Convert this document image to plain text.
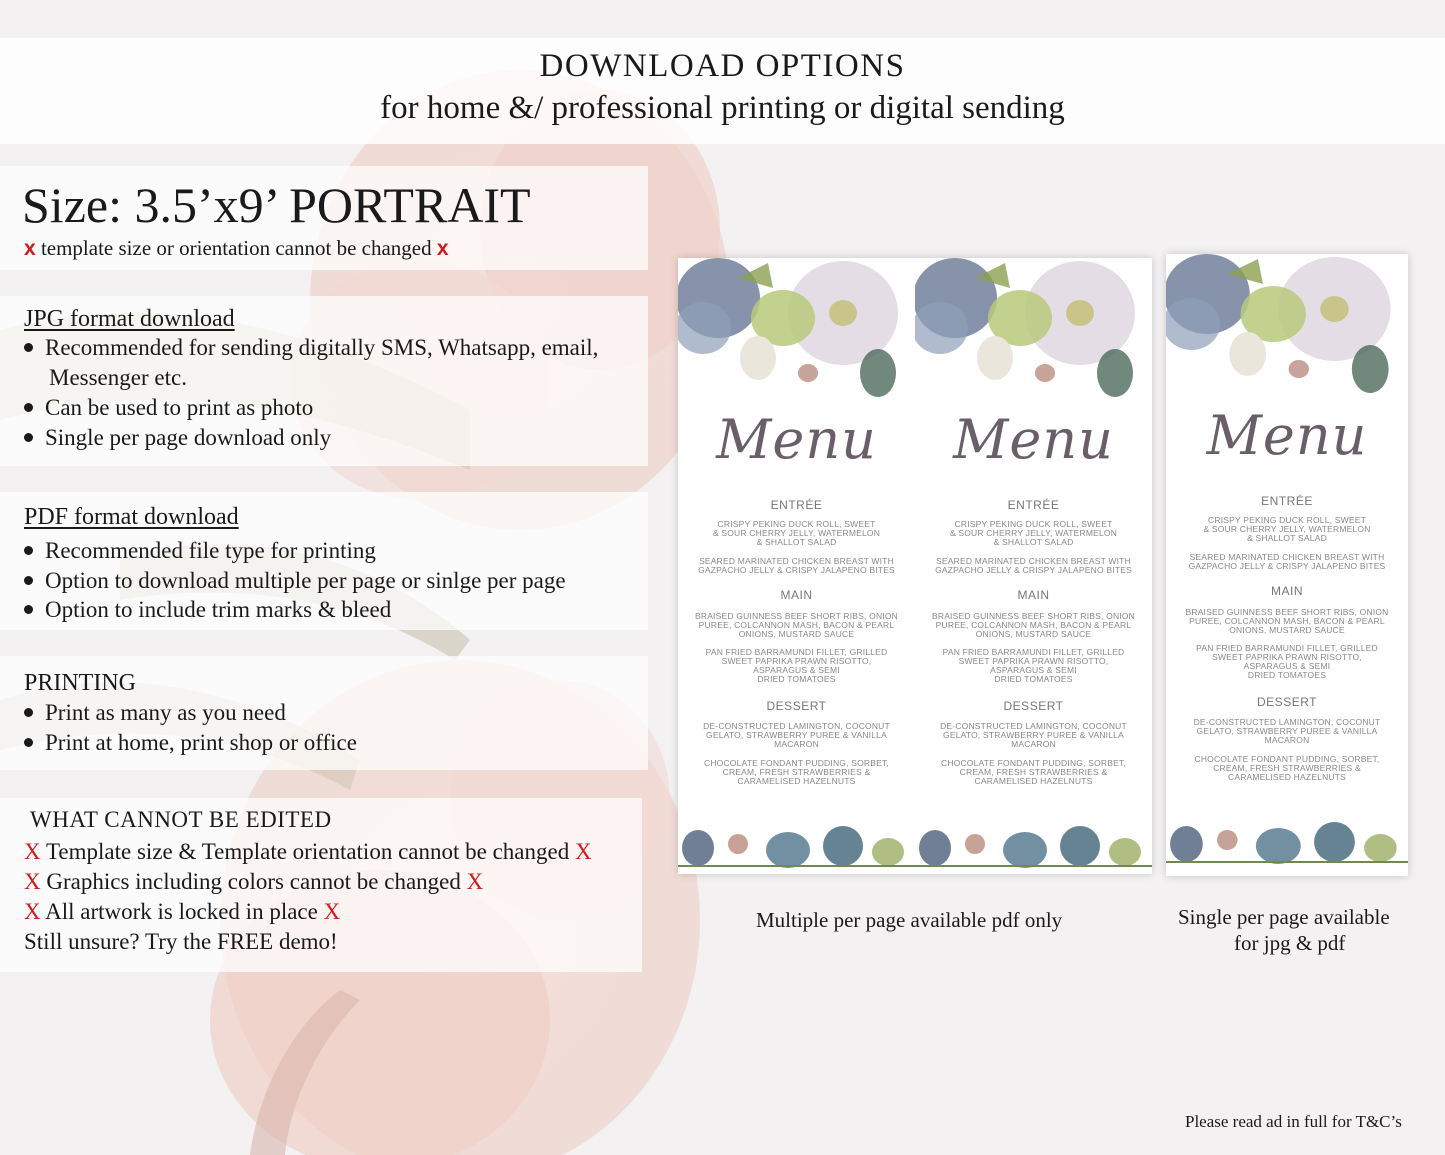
DOWNLOAD OPTIONS
for home &/ professional printing or digital sending
Size: 3.5’x9’ PORTRAIT
x template size or orientation cannot be changed x
JPG format download
Recommended for sending digitally SMS, Whatsapp, email,
Messenger etc.
Can be used to print as photo
Single per page download only
PDF format download
Recommended file type for printing
Option to download multiple per page or sinlge per page
Option to include trim marks & bleed
PRINTING
Print as many as you need
Print at home, print shop or office
WHAT CANNOT BE EDITED
X Template size & Template orientation cannot be changed X
X Graphics including colors cannot be changed X
X All artwork is locked in place X
Still unsure? Try the FREE demo!
Menu
ENTRÉE
CRISPY PEKING DUCK ROLL, SWEET
& SOUR CHERRY JELLY, WATERMELON
& SHALLOT SALAD
SEARED MARINATED CHICKEN BREAST WITH
GAZPACHO JELLY & CRISPY JALAPENO BITES
MAIN
BRAISED GUINNESS BEEF SHORT RIBS, ONION
PUREE, COLCANNON MASH, BACON & PEARL
ONIONS, MUSTARD SAUCE
PAN FRIED BARRAMUNDI FILLET, GRILLED
SWEET PAPRIKA PRAWN RISOTTO,
ASPARAGUS & SEMI
DRIED TOMATOES
DESSERT
DE-CONSTRUCTED LAMINGTON, COCONUT
GELATO, STRAWBERRY PUREE & VANILLA
MACARON
CHOCOLATE FONDANT PUDDING, SORBET,
CREAM, FRESH STRAWBERRIES &
CARAMELISED HAZELNUTS
Menu
ENTRÉE
CRISPY PEKING DUCK ROLL, SWEET
& SOUR CHERRY JELLY, WATERMELON
& SHALLOT SALAD
SEARED MARINATED CHICKEN BREAST WITH
GAZPACHO JELLY & CRISPY JALAPENO BITES
MAIN
BRAISED GUINNESS BEEF SHORT RIBS, ONION
PUREE, COLCANNON MASH, BACON & PEARL
ONIONS, MUSTARD SAUCE
PAN FRIED BARRAMUNDI FILLET, GRILLED
SWEET PAPRIKA PRAWN RISOTTO,
ASPARAGUS & SEMI
DRIED TOMATOES
DESSERT
DE-CONSTRUCTED LAMINGTON, COCONUT
GELATO, STRAWBERRY PUREE & VANILLA
MACARON
CHOCOLATE FONDANT PUDDING, SORBET,
CREAM, FRESH STRAWBERRIES &
CARAMELISED HAZELNUTS
Menu
ENTRÉE
CRISPY PEKING DUCK ROLL, SWEET
& SOUR CHERRY JELLY, WATERMELON
& SHALLOT SALAD
SEARED MARINATED CHICKEN BREAST WITH
GAZPACHO JELLY & CRISPY JALAPENO BITES
MAIN
BRAISED GUINNESS BEEF SHORT RIBS, ONION
PUREE, COLCANNON MASH, BACON & PEARL
ONIONS, MUSTARD SAUCE
PAN FRIED BARRAMUNDI FILLET, GRILLED
SWEET PAPRIKA PRAWN RISOTTO,
ASPARAGUS & SEMI
DRIED TOMATOES
DESSERT
DE-CONSTRUCTED LAMINGTON, COCONUT
GELATO, STRAWBERRY PUREE & VANILLA
MACARON
CHOCOLATE FONDANT PUDDING, SORBET,
CREAM, FRESH STRAWBERRIES &
CARAMELISED HAZELNUTS
Multiple per page available pdf only	Single per page available
for jpg & pdf
Please read ad in full for T&C’s
